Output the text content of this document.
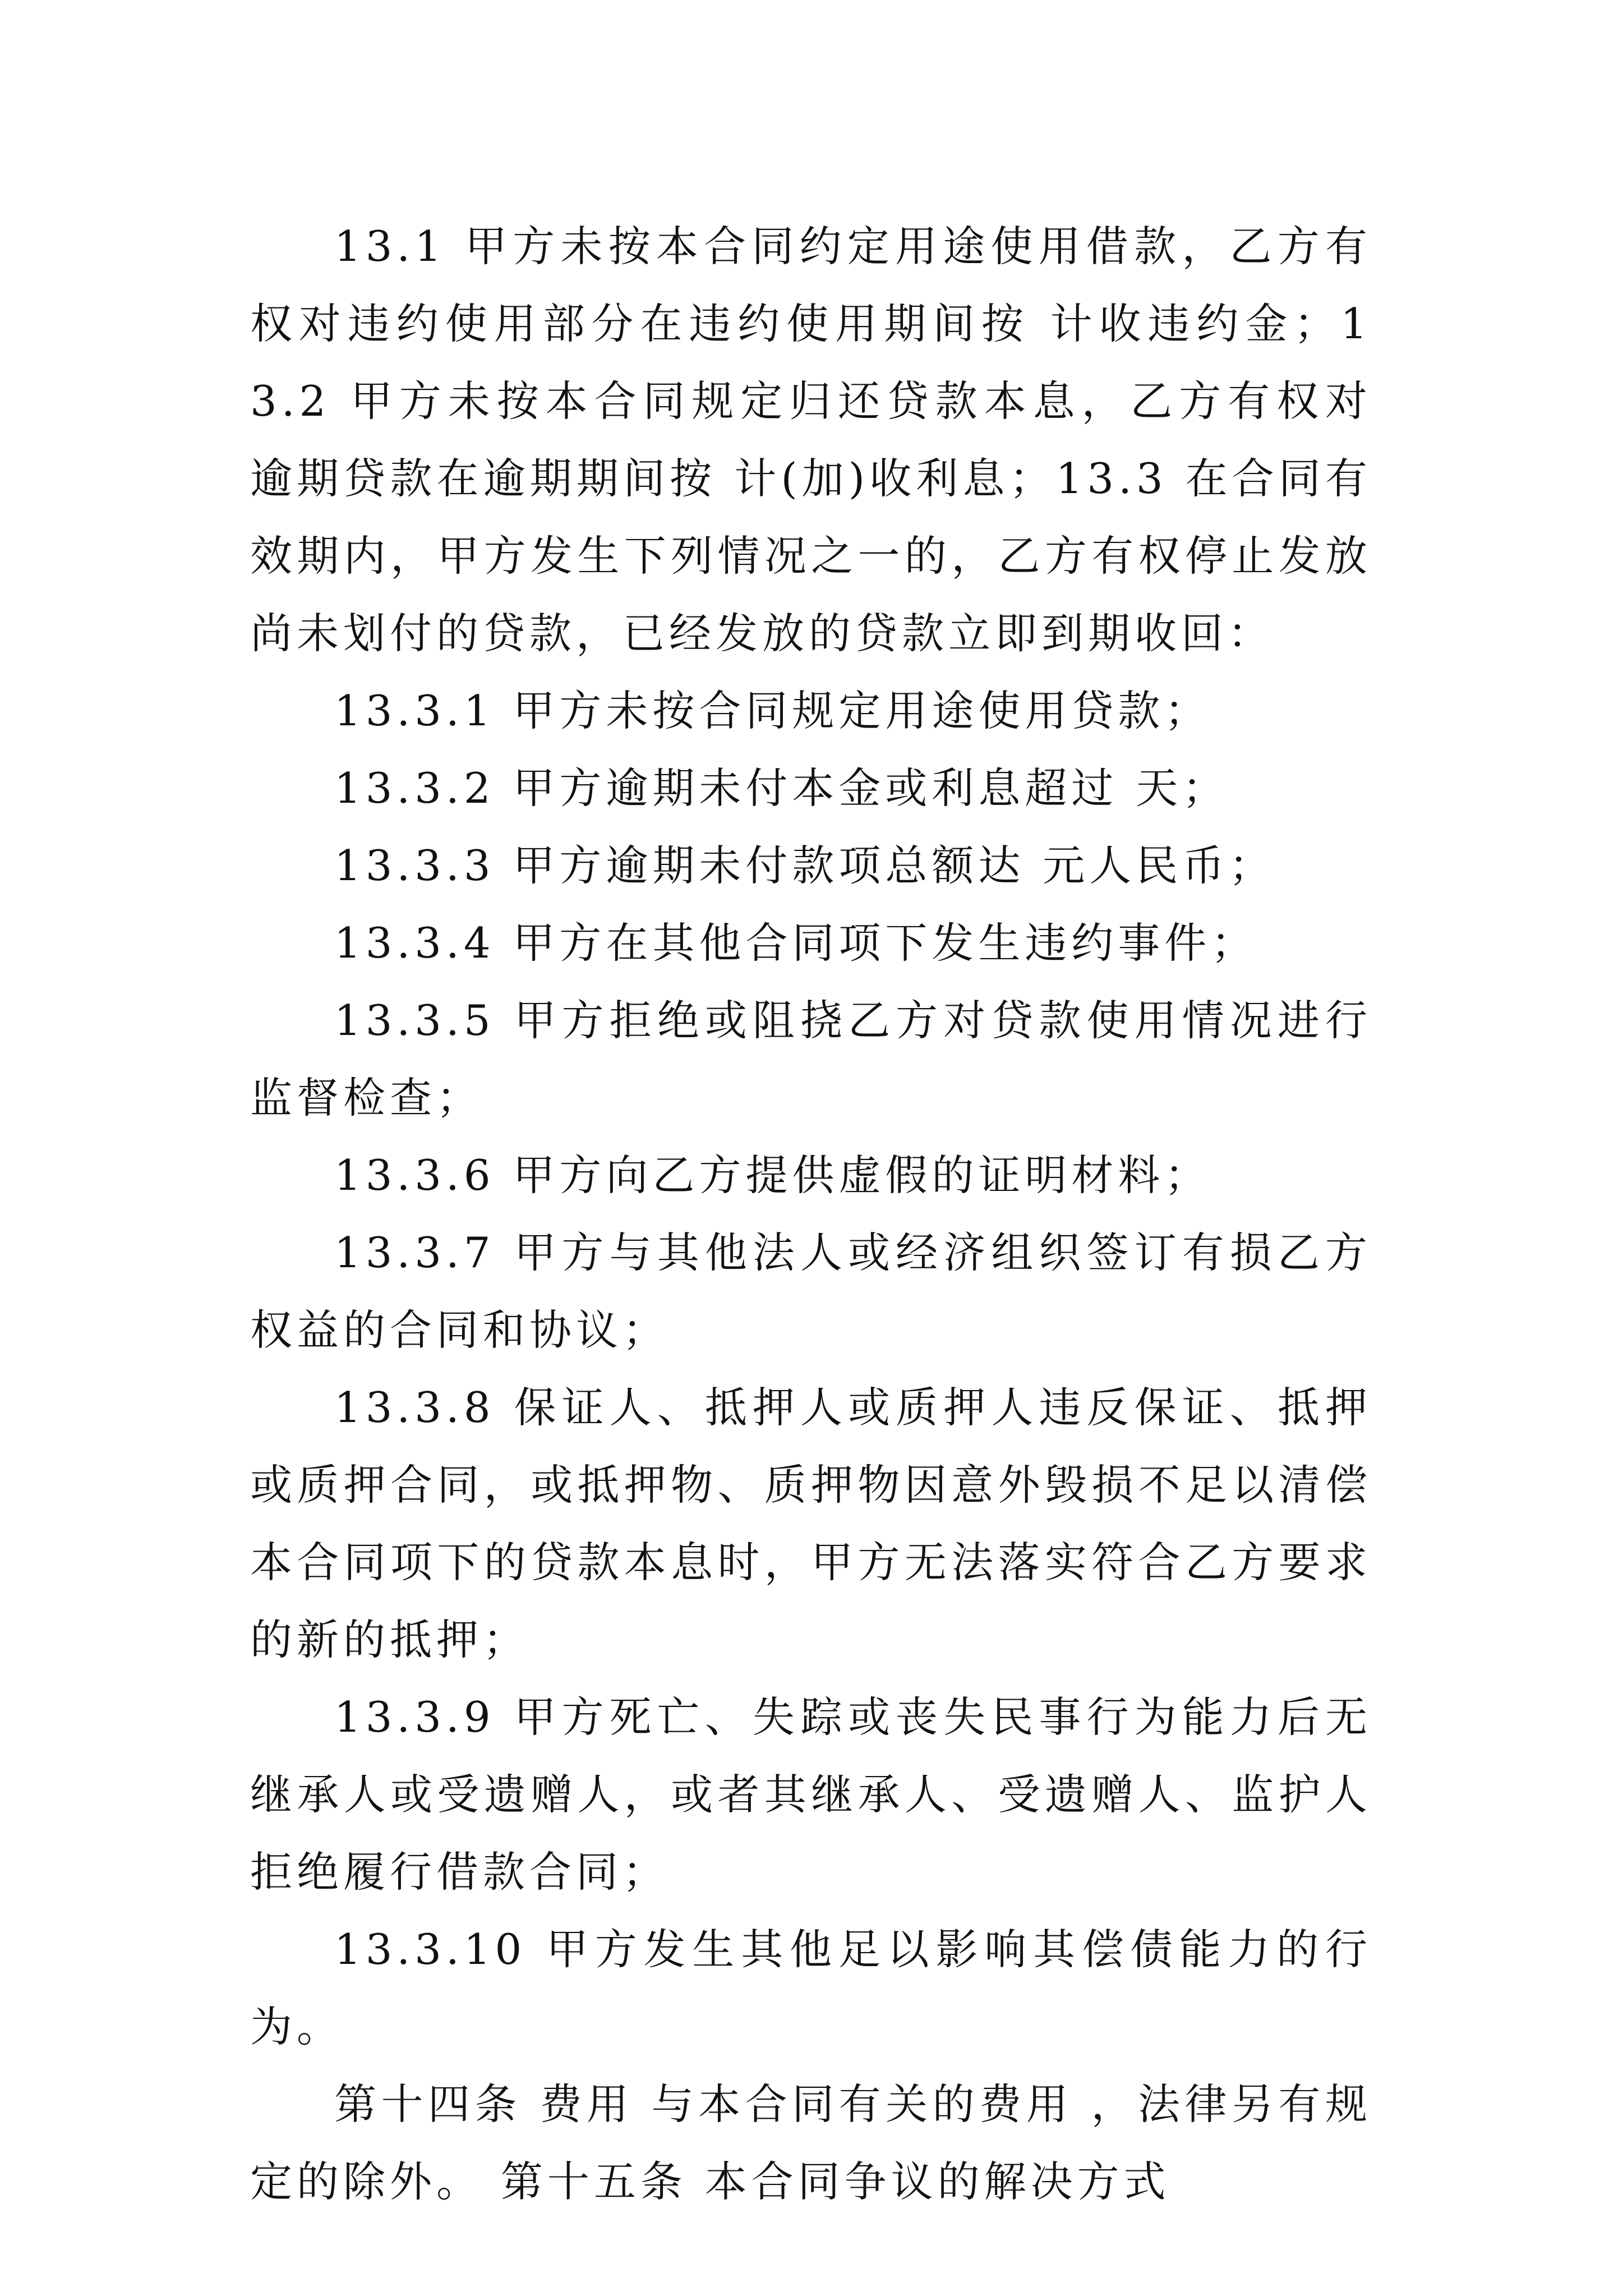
13.1 甲方未按本合同约定用途使用借款，乙方有权对违约使用部分在违约使用期间按 计收违约金；13.2 甲方未按本合同规定归还贷款本息，乙方有权对逾期贷款在逾期期间按 计(加)收利息；13.3 在合同有效期内，甲方发生下列情况之一的，乙方有权停止发放尚未划付的贷款，已经发放的贷款立即到期收回：

13.3.1 甲方未按合同规定用途使用贷款；

13.3.2 甲方逾期未付本金或利息超过 天；

13.3.3 甲方逾期未付款项总额达 元人民币；

13.3.4 甲方在其他合同项下发生违约事件；

13.3.5 甲方拒绝或阻挠乙方对贷款使用情况进行监督检查；

13.3.6 甲方向乙方提供虚假的证明材料；

13.3.7 甲方与其他法人或经济组织签订有损乙方权益的合同和协议；

13.3.8 保证人、抵押人或质押人违反保证、抵押或质押合同，或抵押物、质押物因意外毁损不足以清偿本合同项下的贷款本息时，甲方无法落实符合乙方要求的新的抵押；

13.3.9 甲方死亡、失踪或丧失民事行为能力后无继承人或受遗赠人，或者其继承人、受遗赠人、监护人拒绝履行借款合同；

13.3.10 甲方发生其他足以影响其偿债能力的行为。

第十四条 费用 与本合同有关的费用 ，法律另有规定的除外。 第十五条 本合同争议的解决方式
